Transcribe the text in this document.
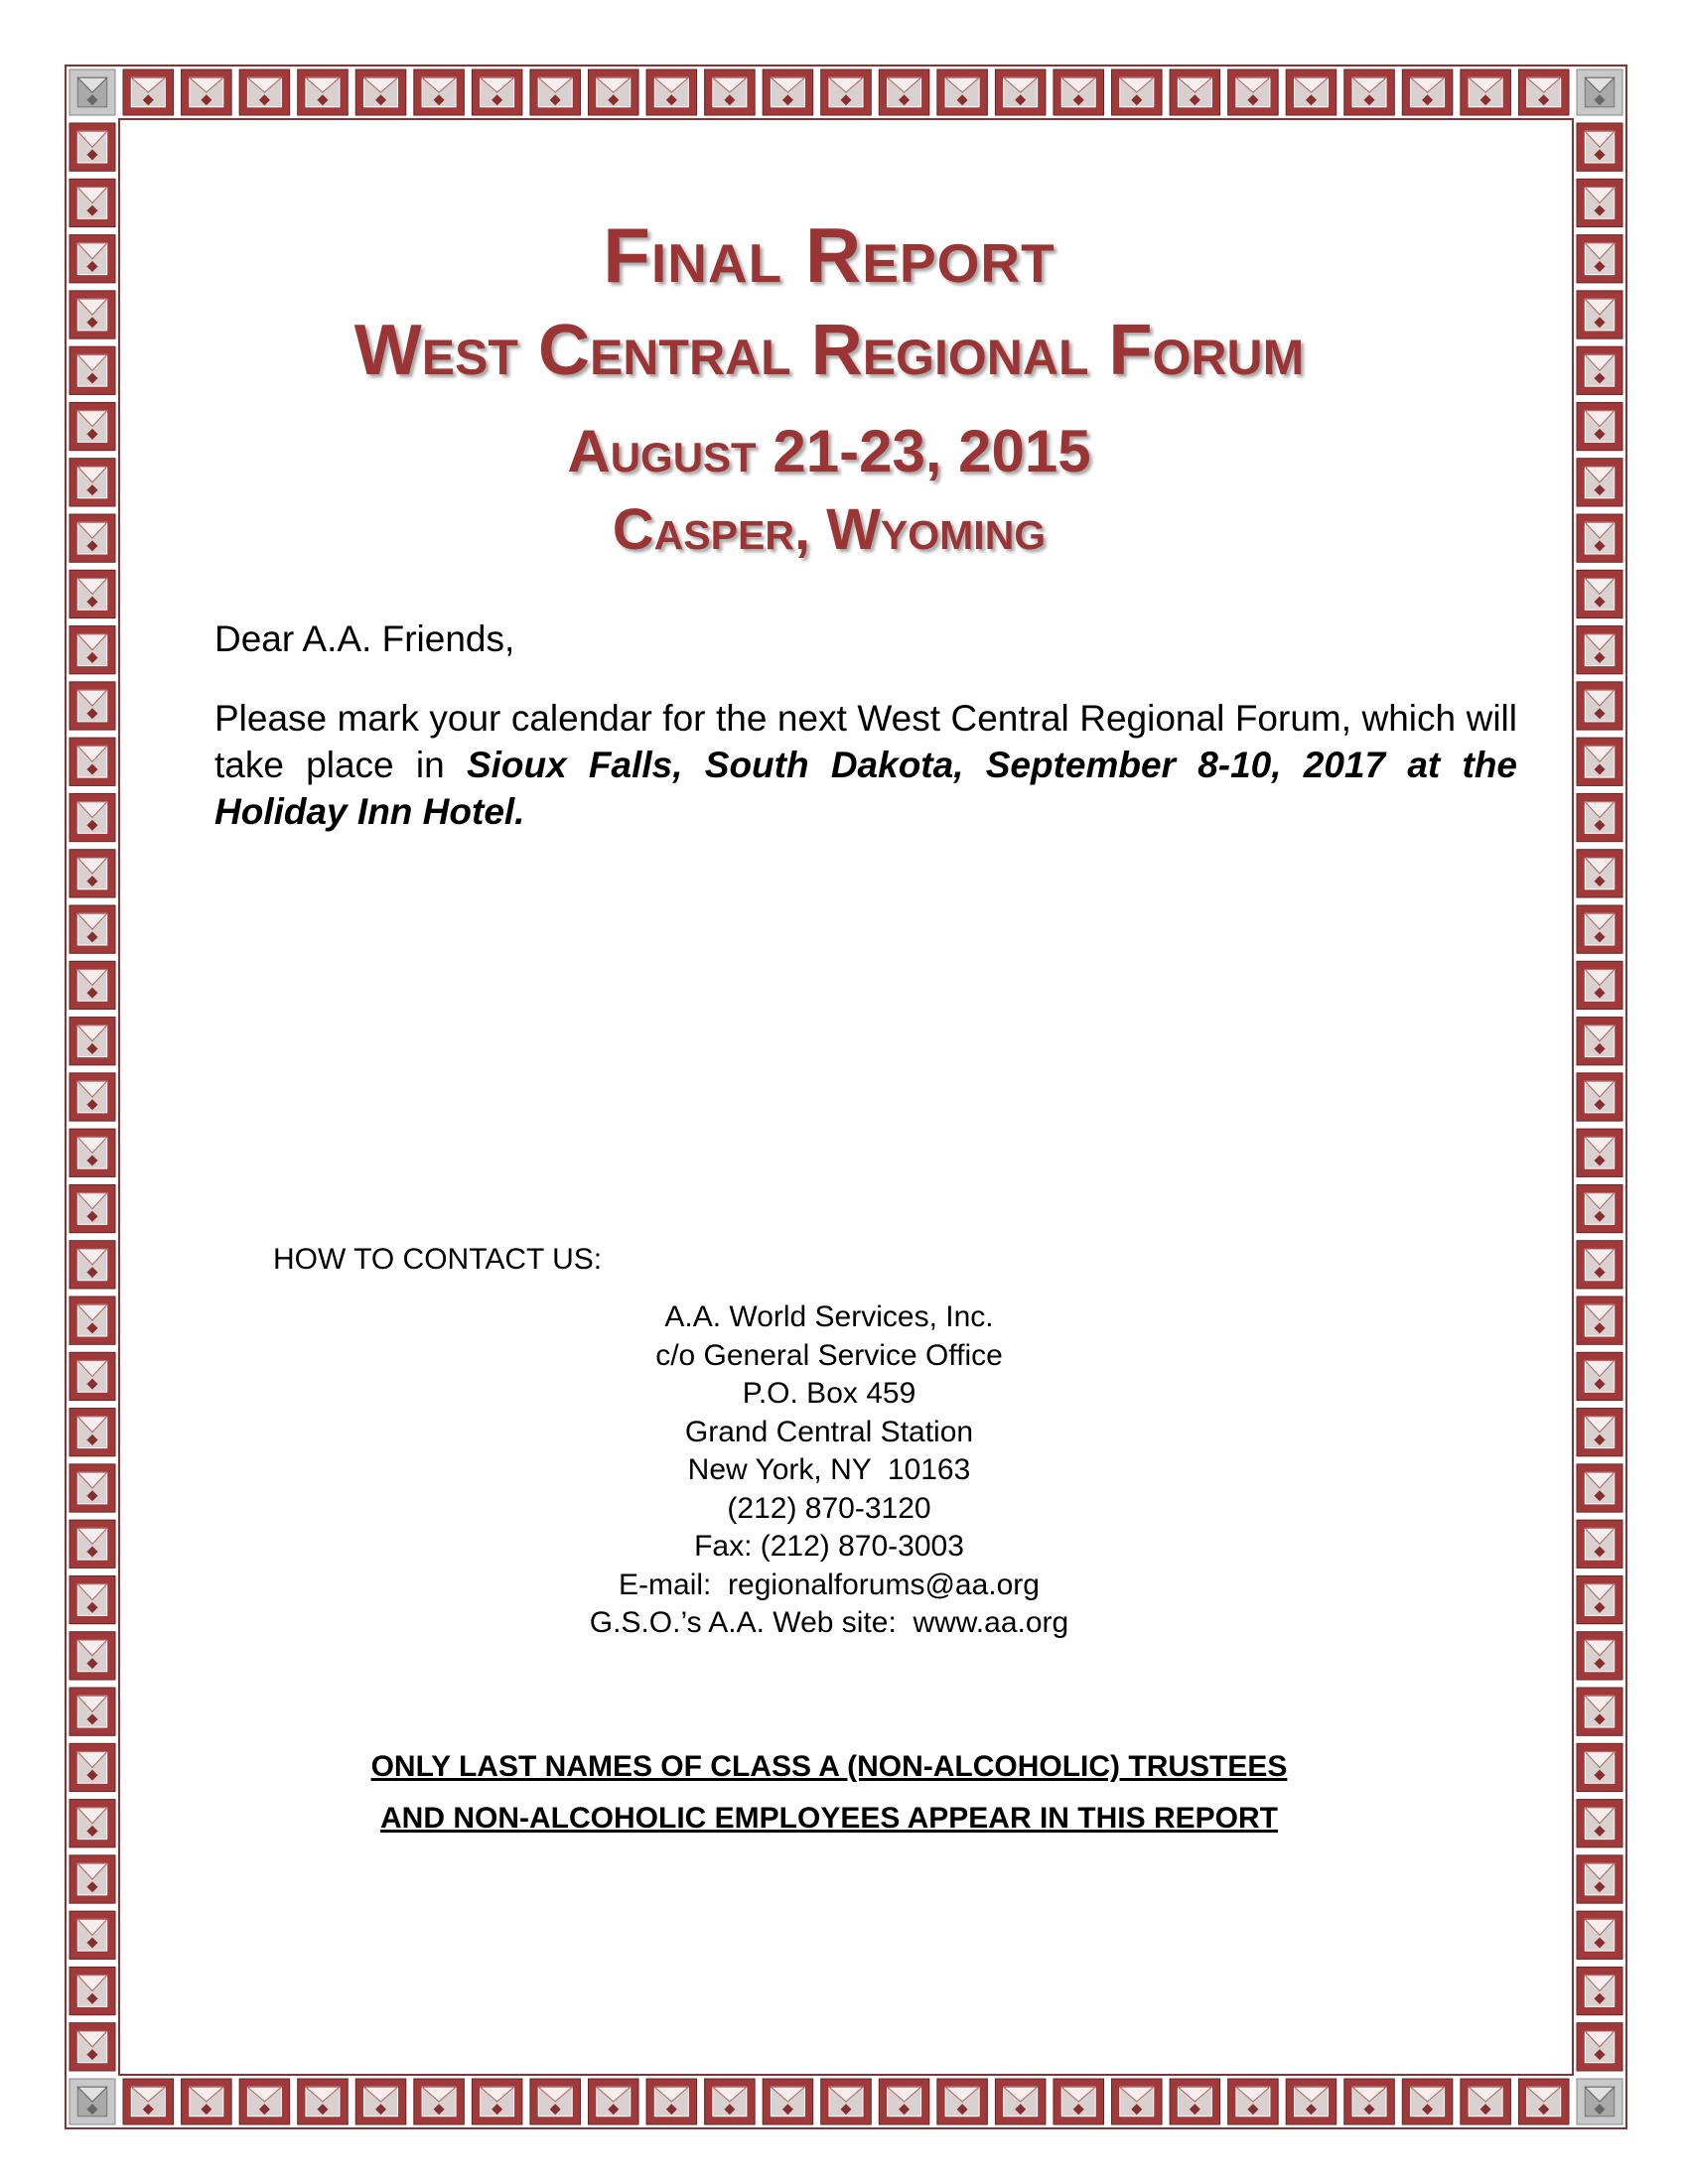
Final Report
West Central Regional Forum
August 21-23, 2015
Casper, Wyoming

Dear A.A. Friends,

Please mark your calendar for the next West Central Regional Forum, which will take place in Sioux Falls, South Dakota, September 8-10, 2017 at the Holiday Inn Hotel.

HOW TO CONTACT US:

A.A. World Services, Inc.
c/o General Service Office
P.O. Box 459
Grand Central Station
New York, NY  10163
(212) 870-3120
Fax: (212) 870-3003
E-mail:  regionalforums@aa.org
G.S.O.’s A.A. Web site:  www.aa.org

ONLY LAST NAMES OF CLASS A (NON-ALCOHOLIC) TRUSTEES

AND NON-ALCOHOLIC EMPLOYEES APPEAR IN THIS REPORT
